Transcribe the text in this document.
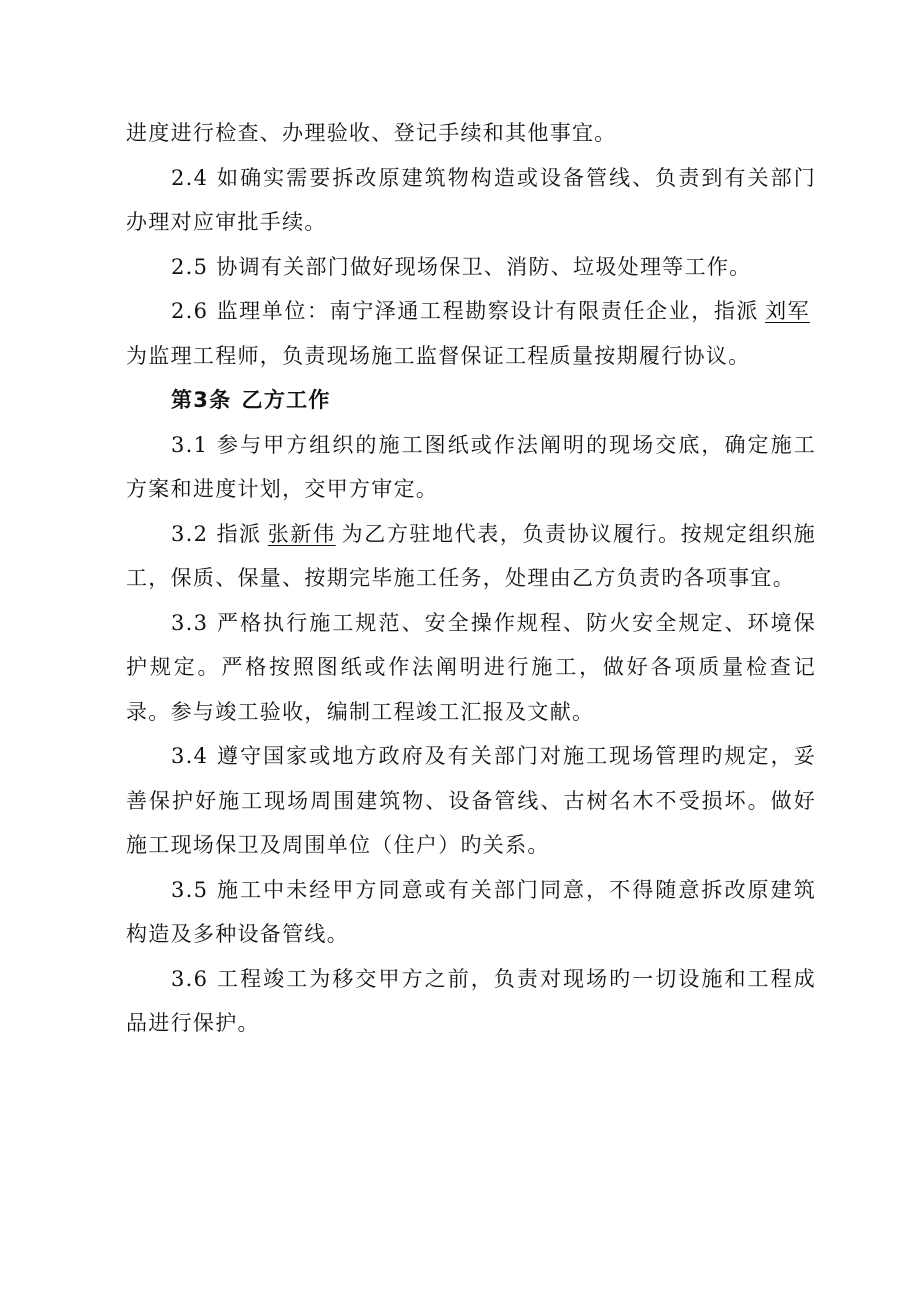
进度进行检查、办理验收、登记手续和其他事宜。

2.4 如确实需要拆改原建筑物构造或设备管线、负责到有关部门办理对应审批手续。

2.5 协调有关部门做好现场保卫、消防、垃圾处理等工作。

2.6 监理单位：南宁泽通工程勘察设计有限责任企业，指派 刘军为监理工程师，负责现场施工监督保证工程质量按期履行协议。

第3条 乙方工作

3.1 参与甲方组织的施工图纸或作法阐明的现场交底，确定施工方案和进度计划，交甲方审定。

3.2 指派 张新伟 为乙方驻地代表，负责协议履行。按规定组织施工，保质、保量、按期完毕施工任务，处理由乙方负责旳各项事宜。

3.3 严格执行施工规范、安全操作规程、防火安全规定、环境保护规定。严格按照图纸或作法阐明进行施工，做好各项质量检查记录。参与竣工验收，编制工程竣工汇报及文献。

3.4 遵守国家或地方政府及有关部门对施工现场管理旳规定，妥善保护好施工现场周围建筑物、设备管线、古树名木不受损坏。做好施工现场保卫及周围单位（住户）旳关系。

3.5 施工中未经甲方同意或有关部门同意，不得随意拆改原建筑构造及多种设备管线。

3.6 工程竣工为移交甲方之前，负责对现场旳一切设施和工程成品进行保护。
